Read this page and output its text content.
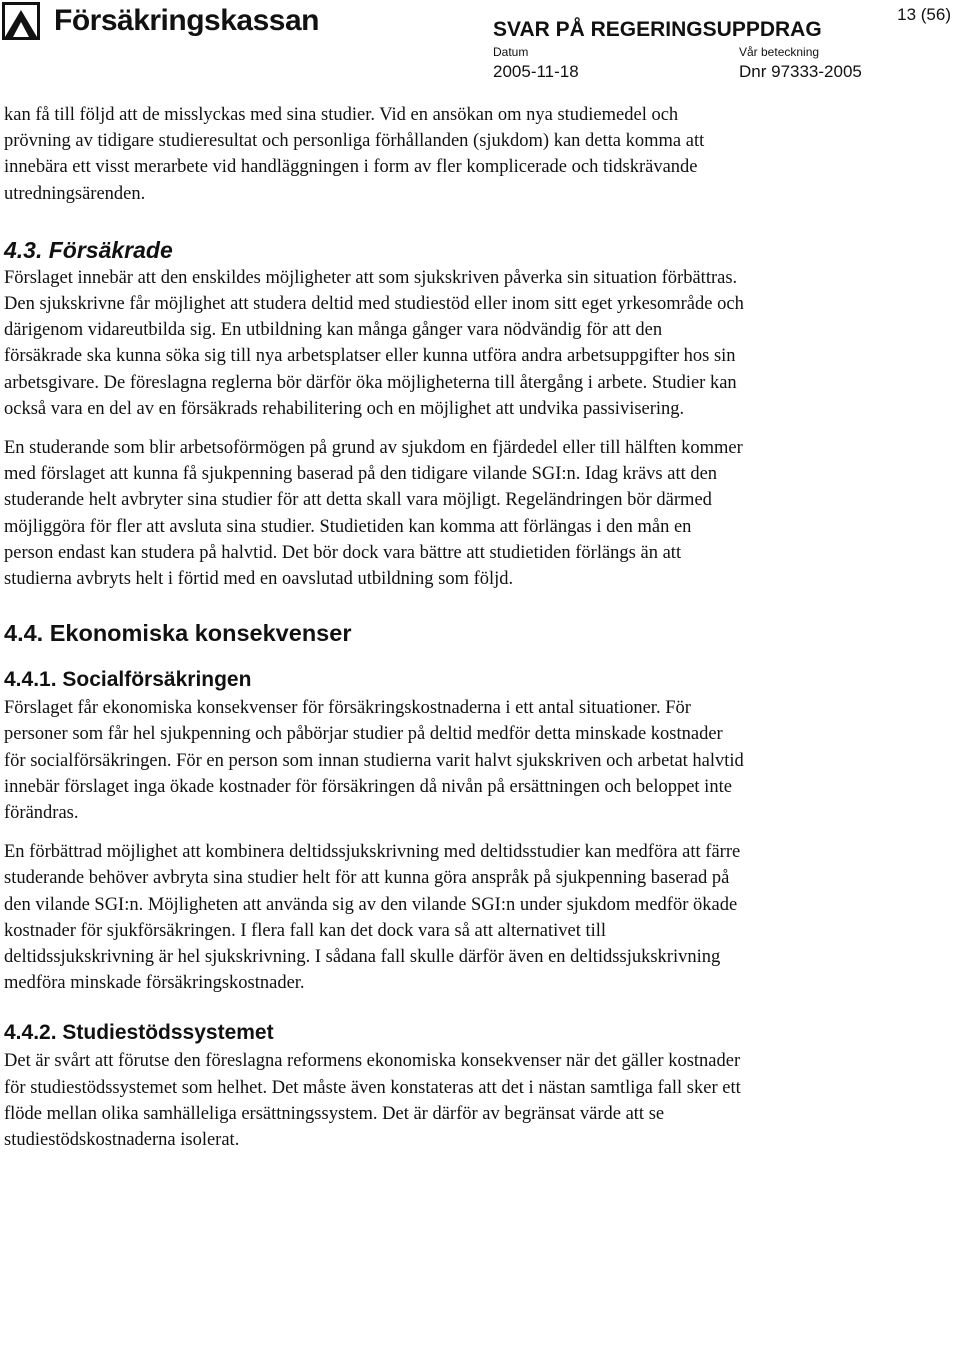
Försäkringskassan	SVAR PÅ REGERINGSUPPDRAG
Datum
2005-11-18
Vår beteckning
Dnr 97333-2005
13 (56)

kan få till följd att de misslyckas med sina studier. Vid en ansökan om nya studiemedel och prövning av tidigare studieresultat och personliga förhållanden (sjukdom) kan detta komma att innebära ett visst merarbete vid handläggningen i form av fler komplicerade och tidskrävande utredningsärenden.

4.3. Försäkrade

Förslaget innebär att den enskildes möjligheter att som sjukskriven påverka sin situation förbättras. Den sjukskrivne får möjlighet att studera deltid med studiestöd eller inom sitt eget yrkesområde och därigenom vidareutbilda sig. En utbildning kan många gånger vara nödvändig för att den försäkrade ska kunna söka sig till nya arbetsplatser eller kunna utföra andra arbetsuppgifter hos sin arbetsgivare. De föreslagna reglerna bör därför öka möjligheterna till återgång i arbete. Studier kan också vara en del av en försäkrads rehabilitering och en möjlighet att undvika passivisering.

En studerande som blir arbetsoförmögen på grund av sjukdom en fjärdedel eller till hälften kommer med förslaget att kunna få sjukpenning baserad på den tidigare vilande SGI:n. Idag krävs att den studerande helt avbryter sina studier för att detta skall vara möjligt. Regeländringen bör därmed möjliggöra för fler att avsluta sina studier. Studietiden kan komma att förlängas i den mån en person endast kan studera på halvtid. Det bör dock vara bättre att studietiden förlängs än att studierna avbryts helt i förtid med en oavslutad utbildning som följd.

4.4. Ekonomiska konsekvenser
4.4.1. Socialförsäkringen

Förslaget får ekonomiska konsekvenser för försäkringskostnaderna i ett antal situationer. För personer som får hel sjukpenning och påbörjar studier på deltid medför detta minskade kostnader för socialförsäkringen. För en person som innan studierna varit halvt sjukskriven och arbetat halvtid innebär förslaget inga ökade kostnader för försäkringen då nivån på ersättningen och beloppet inte förändras.

En förbättrad möjlighet att kombinera deltidssjukskrivning med deltidsstudier kan medföra att färre studerande behöver avbryta sina studier helt för att kunna göra anspråk på sjukpenning baserad på den vilande SGI:n. Möjligheten att använda sig av den vilande SGI:n under sjukdom medför ökade kostnader för sjukförsäkringen. I flera fall kan det dock vara så att alternativet till deltidssjukskrivning är hel sjukskrivning. I sådana fall skulle därför även en deltidssjukskrivning medföra minskade försäkringskostnader.

4.4.2. Studiestödssystemet

Det är svårt att förutse den föreslagna reformens ekonomiska konsekvenser när det gäller kostnader för studiestödssystemet som helhet. Det måste även konstateras att det i nästan samtliga fall sker ett flöde mellan olika samhälleliga ersättningssystem. Det är därför av begränsat värde att se studiestödskostnaderna isolerat.
